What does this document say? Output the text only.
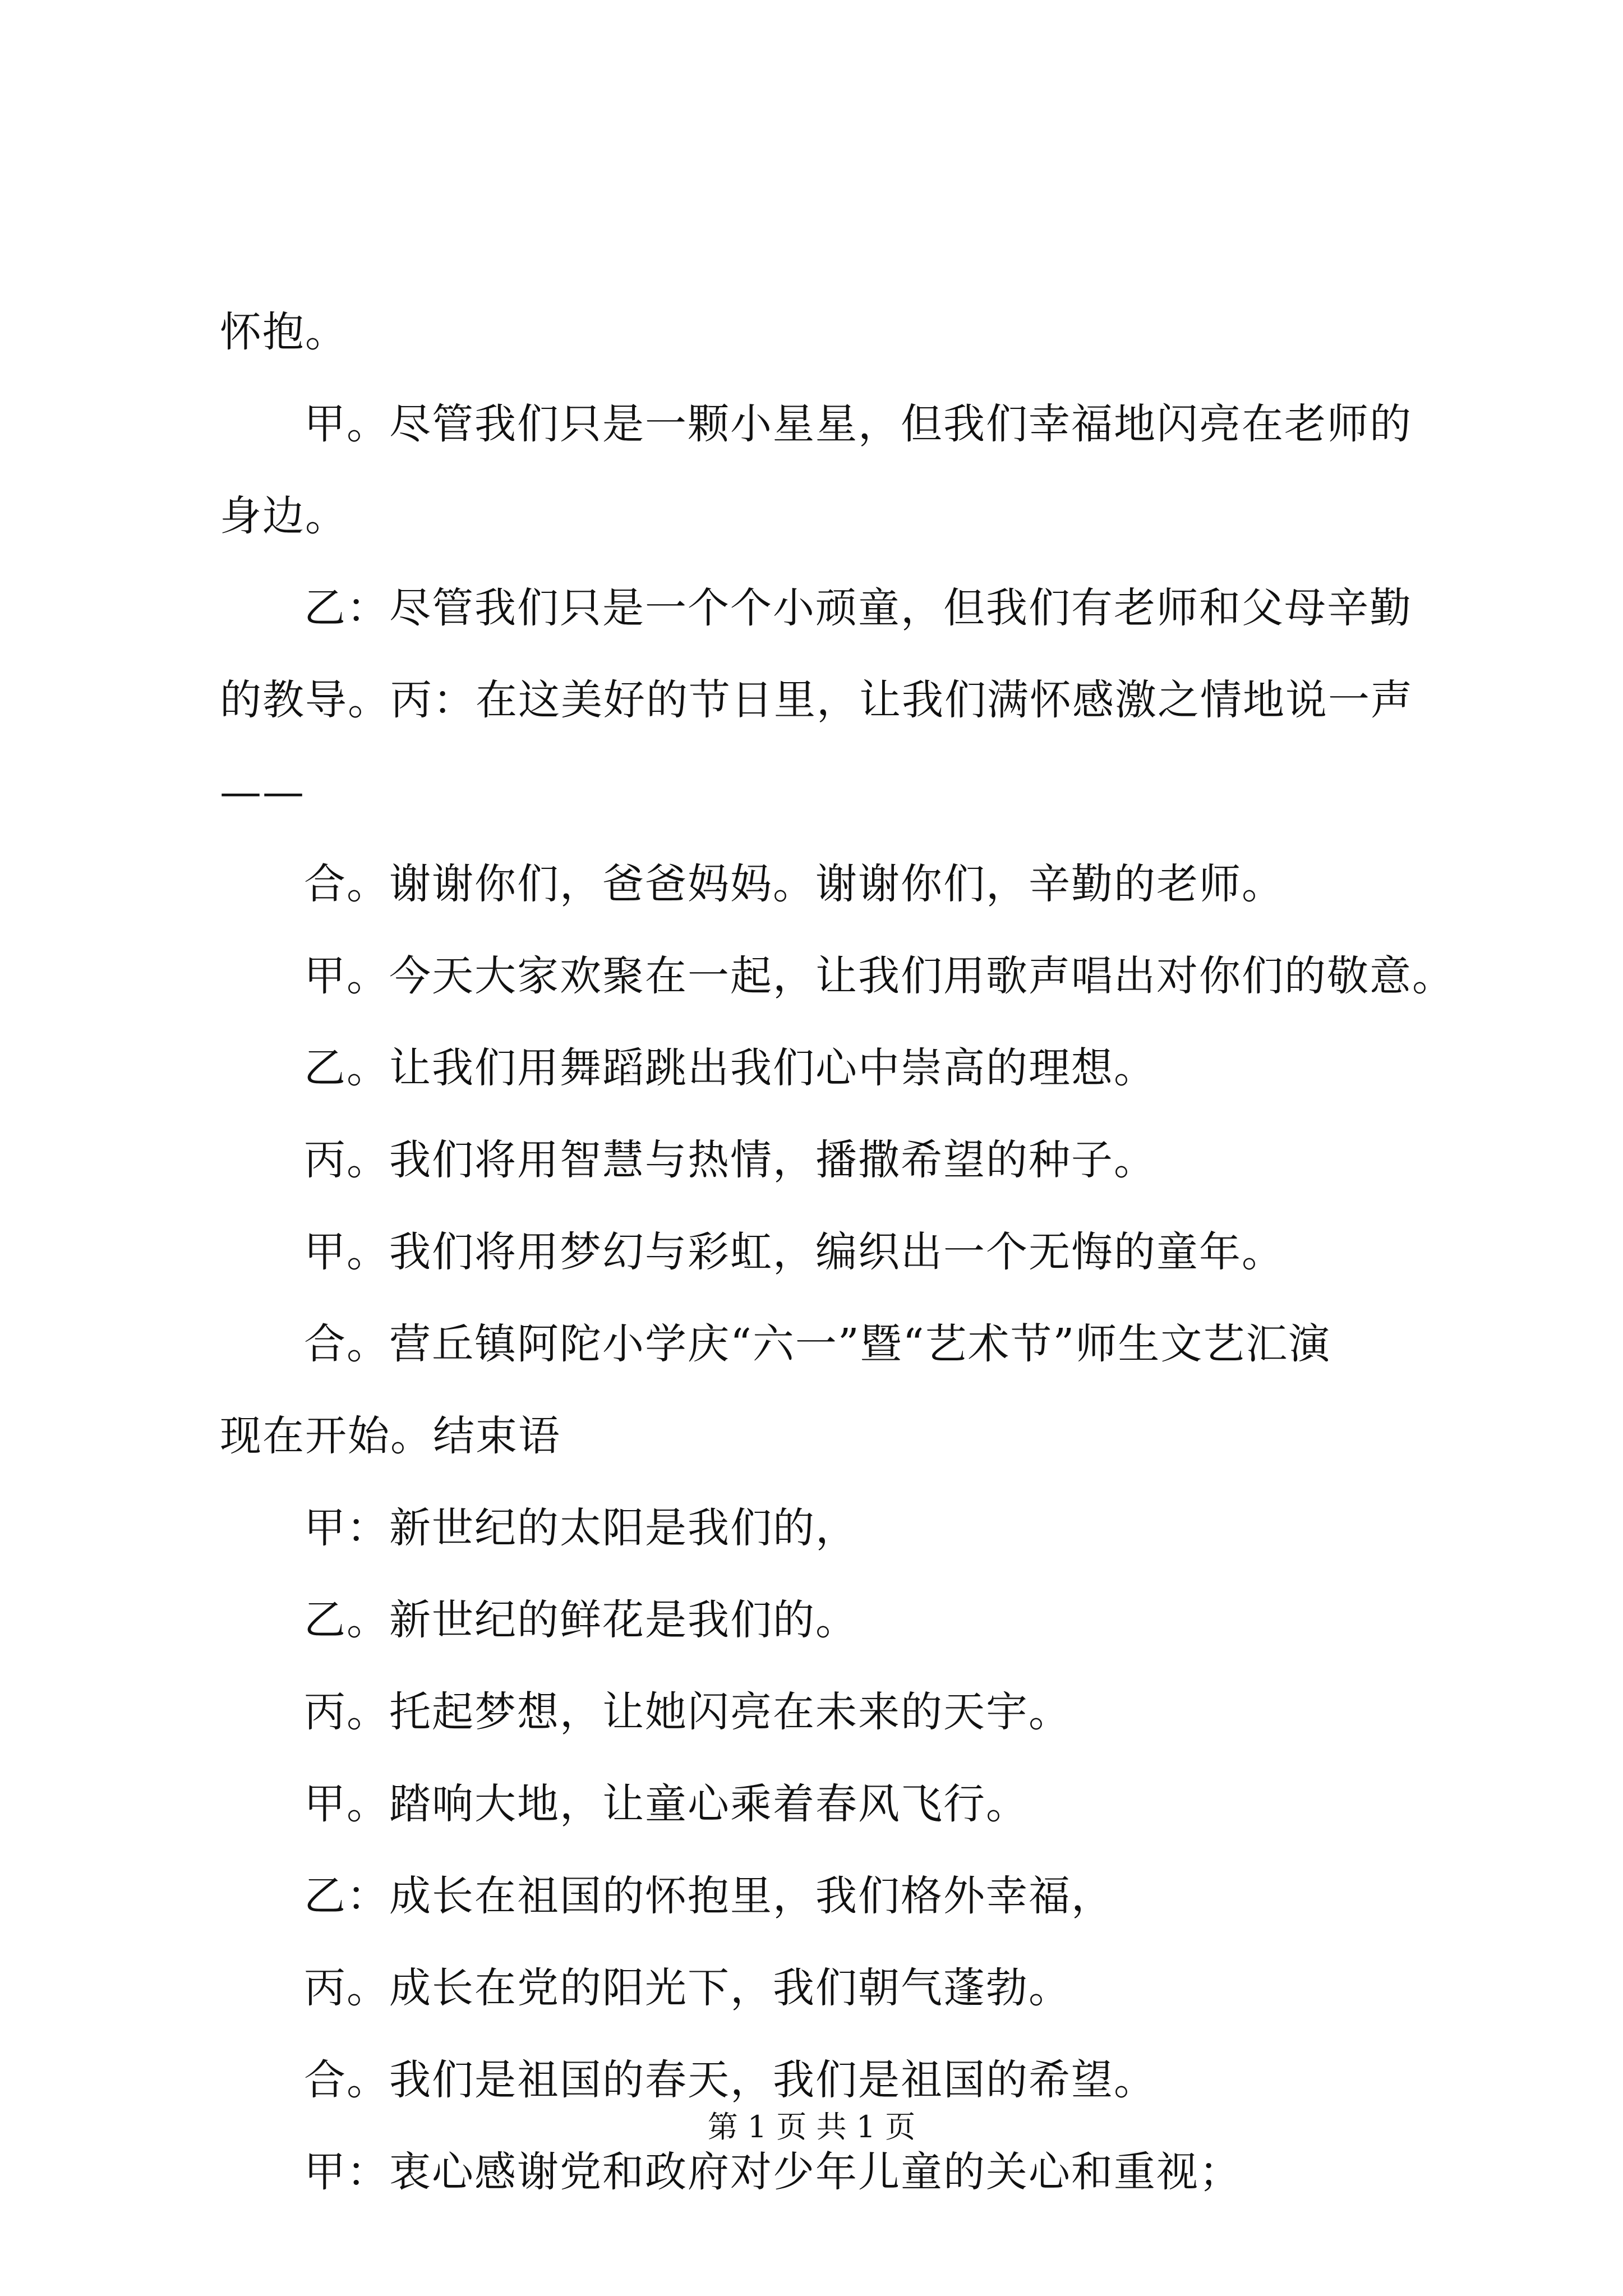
怀抱。
甲。尽管我们只是一颗小星星，但我们幸福地闪亮在老师的
身边。
乙：尽管我们只是一个个小顽童，但我们有老师和父母辛勤
的教导。丙：在这美好的节日里，让我们满怀感激之情地说一声
——
合。谢谢你们，爸爸妈妈。谢谢你们，辛勤的老师。
甲。今天大家欢聚在一起，让我们用歌声唱出对你们的敬意。
乙。让我们用舞蹈跳出我们心中崇高的理想。
丙。我们将用智慧与热情，播撒希望的种子。
甲。我们将用梦幻与彩虹，编织出一个无悔的童年。
合。营丘镇阿陀小学庆“六一”暨“艺术节”师生文艺汇演
现在开始。结束语
甲：新世纪的太阳是我们的，
乙。新世纪的鲜花是我们的。
丙。托起梦想，让她闪亮在未来的天宇。
甲。踏响大地，让童心乘着春风飞行。
乙：成长在祖国的怀抱里，我们格外幸福，
丙。成长在党的阳光下，我们朝气蓬勃。
合。我们是祖国的春天，我们是祖国的希望。
甲：衷心感谢党和政府对少年儿童的关心和重视；
第 1 页 共 1 页
